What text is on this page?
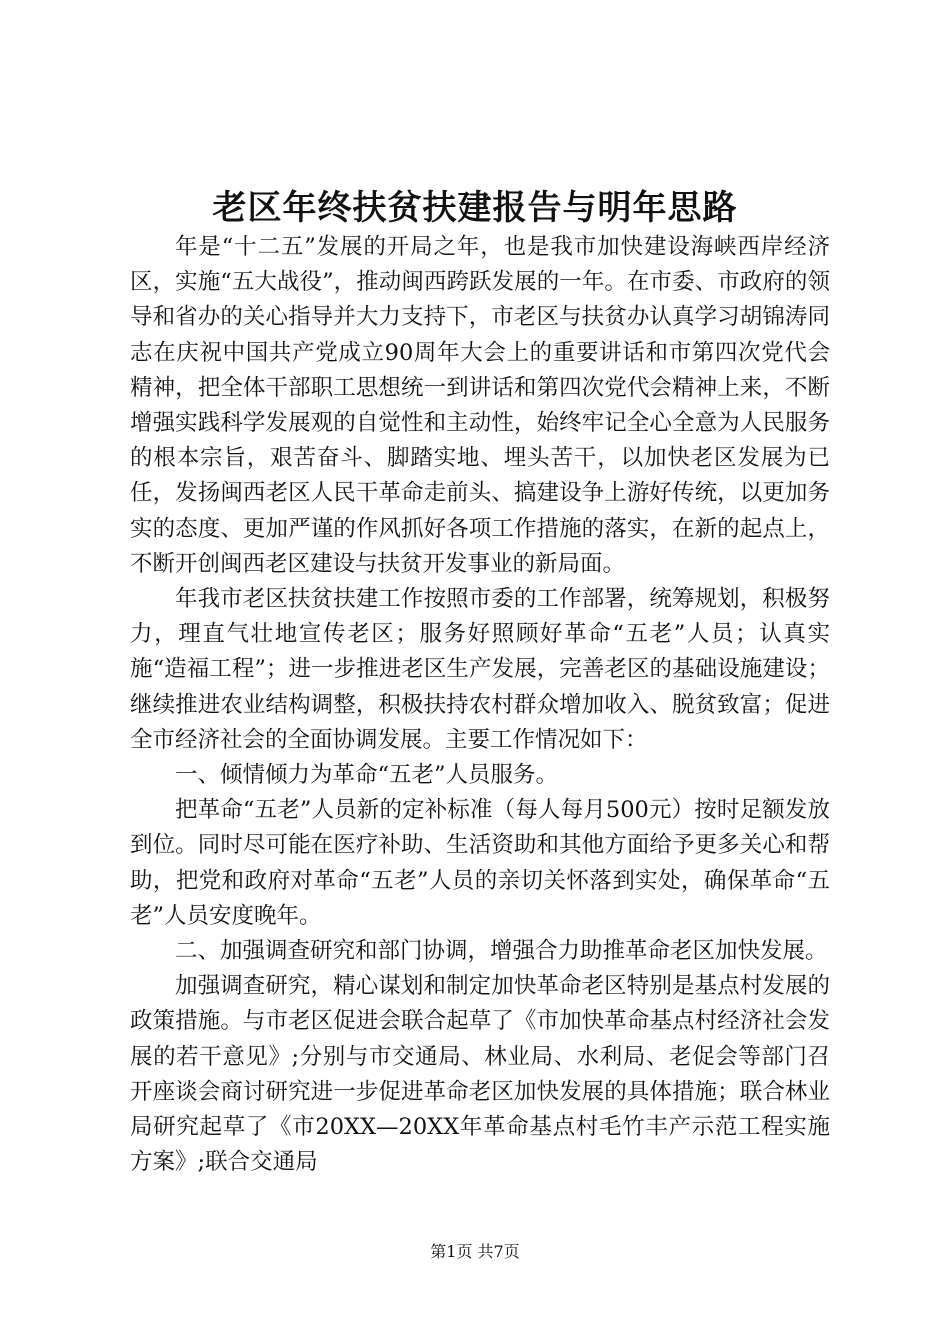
老区年终扶贫扶建报告与明年思路

年是“十二五”发展的开局之年，也是我市加快建设海峡西岸经济区，实施“五大战役”，推动闽西跨跃发展的一年。在市委、市政府的领导和省办的关心指导并大力支持下，市老区与扶贫办认真学习胡锦涛同志在庆祝中国共产党成立90周年大会上的重要讲话和市第四次党代会精神，把全体干部职工思想统一到讲话和第四次党代会精神上来，不断增强实践科学发展观的自觉性和主动性，始终牢记全心全意为人民服务的根本宗旨，艰苦奋斗、脚踏实地、埋头苦干，以加快老区发展为已任，发扬闽西老区人民干革命走前头、搞建设争上游好传统，以更加务实的态度、更加严谨的作风抓好各项工作措施的落实，在新的起点上，不断开创闽西老区建设与扶贫开发事业的新局面。

年我市老区扶贫扶建工作按照市委的工作部署，统筹规划，积极努力，理直气壮地宣传老区；服务好照顾好革命“五老”人员；认真实施“造福工程”；进一步推进老区生产发展，完善老区的基础设施建设；继续推进农业结构调整，积极扶持农村群众增加收入、脱贫致富；促进全市经济社会的全面协调发展。主要工作情况如下：

一、倾情倾力为革命“五老”人员服务。

把革命“五老”人员新的定补标准（每人每月500元）按时足额发放到位。同时尽可能在医疗补助、生活资助和其他方面给予更多关心和帮助，把党和政府对革命“五老”人员的亲切关怀落到实处，确保革命“五老”人员安度晚年。

二、加强调查研究和部门协调，增强合力助推革命老区加快发展。

加强调查研究，精心谋划和制定加快革命老区特别是基点村发展的政策措施。与市老区促进会联合起草了《市加快革命基点村经济社会发展的若干意见》;分别与市交通局、林业局、水利局、老促会等部门召开座谈会商讨研究进一步促进革命老区加快发展的具体措施；联合林业局研究起草了《市20XX—20XX年革命基点村毛竹丰产示范工程实施方案》;联合交通局

第1页 共7页
